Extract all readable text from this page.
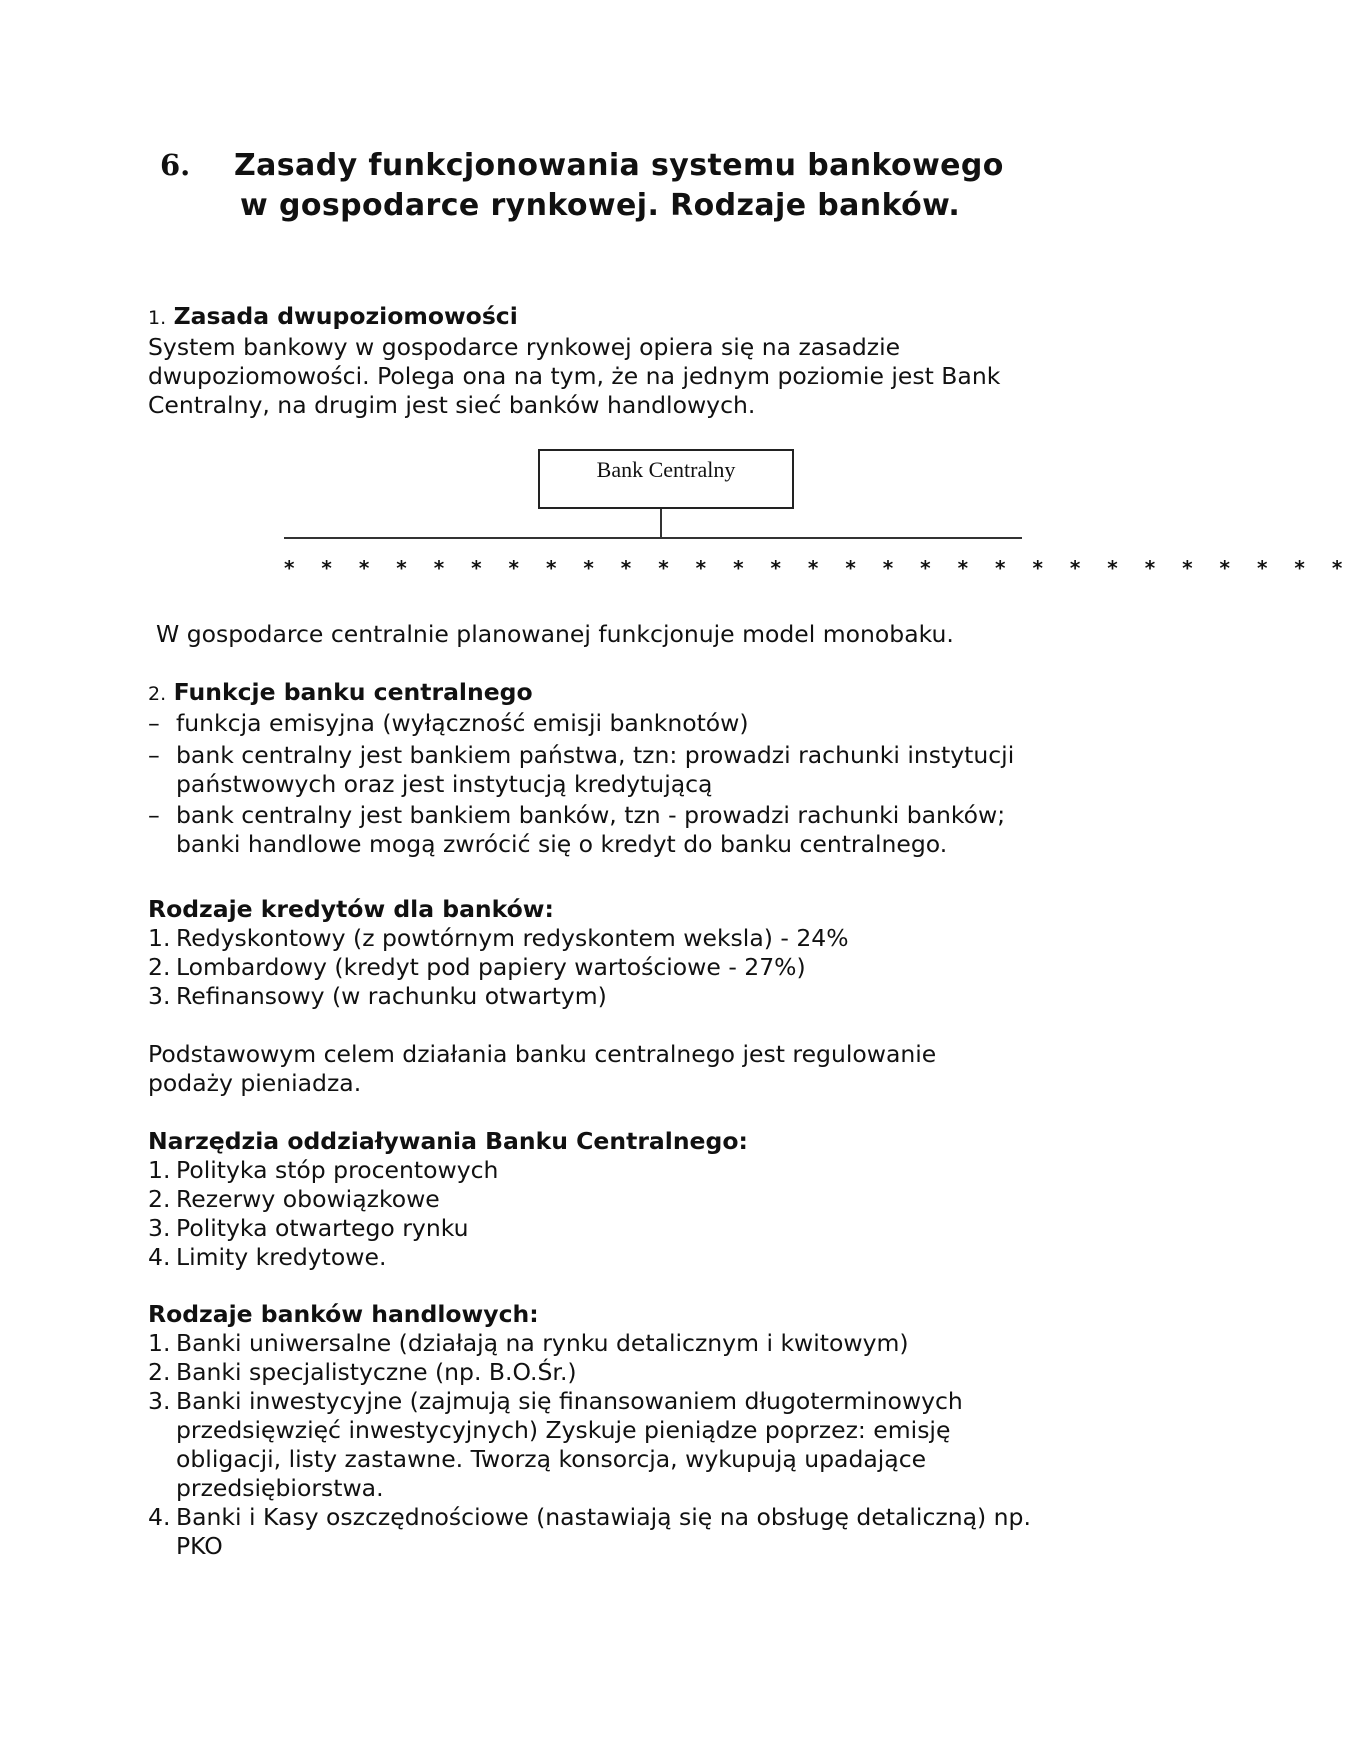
6. Zasady funkcjonowania systemu bankowego
w gospodarce rynkowej. Rodzaje banków.
1. Zasada dwupoziomowości
System bankowy w gospodarce rynkowej opiera się na zasadzie
dwupoziomowości. Polega ona na tym, że na jednym poziomie jest Bank
Centralny, na drugim jest sieć banków handlowych.
Bank Centralny
* * * * * * * * * * * * * * * * * * * * * * * * * * * * *
W gospodarce centralnie planowanej funkcjonuje model monobaku.
2. Funkcje banku centralnego
– funkcja emisyjna (wyłączność emisji banknotów)
– bank centralny jest bankiem państwa, tzn: prowadzi rachunki instytucji
państwowych oraz jest instytucją kredytującą
– bank centralny jest bankiem banków, tzn - prowadzi rachunki banków;
banki handlowe mogą zwrócić się o kredyt do banku centralnego.
Rodzaje kredytów dla banków:
1. Redyskontowy (z powtórnym redyskontem weksla) - 24%
2. Lombardowy (kredyt pod papiery wartościowe - 27%)
3. Refinansowy (w rachunku otwartym)
Podstawowym celem działania banku centralnego jest regulowanie
podaży pieniadza.
Narzędzia oddziaływania Banku Centralnego:
1. Polityka stóp procentowych
2. Rezerwy obowiązkowe
3. Polityka otwartego rynku
4. Limity kredytowe.
Rodzaje banków handlowych:
1. Banki uniwersalne (działają na rynku detalicznym i kwitowym)
2. Banki specjalistyczne (np. B.O.Śr.)
3. Banki inwestycyjne (zajmują się finansowaniem długoterminowych
przedsięwzięć inwestycyjnych) Zyskuje pieniądze poprzez: emisję
obligacji, listy zastawne. Tworzą konsorcja, wykupują upadające
przedsiębiorstwa.
4. Banki i Kasy oszczędnościowe (nastawiają się na obsługę detaliczną) np.
PKO
